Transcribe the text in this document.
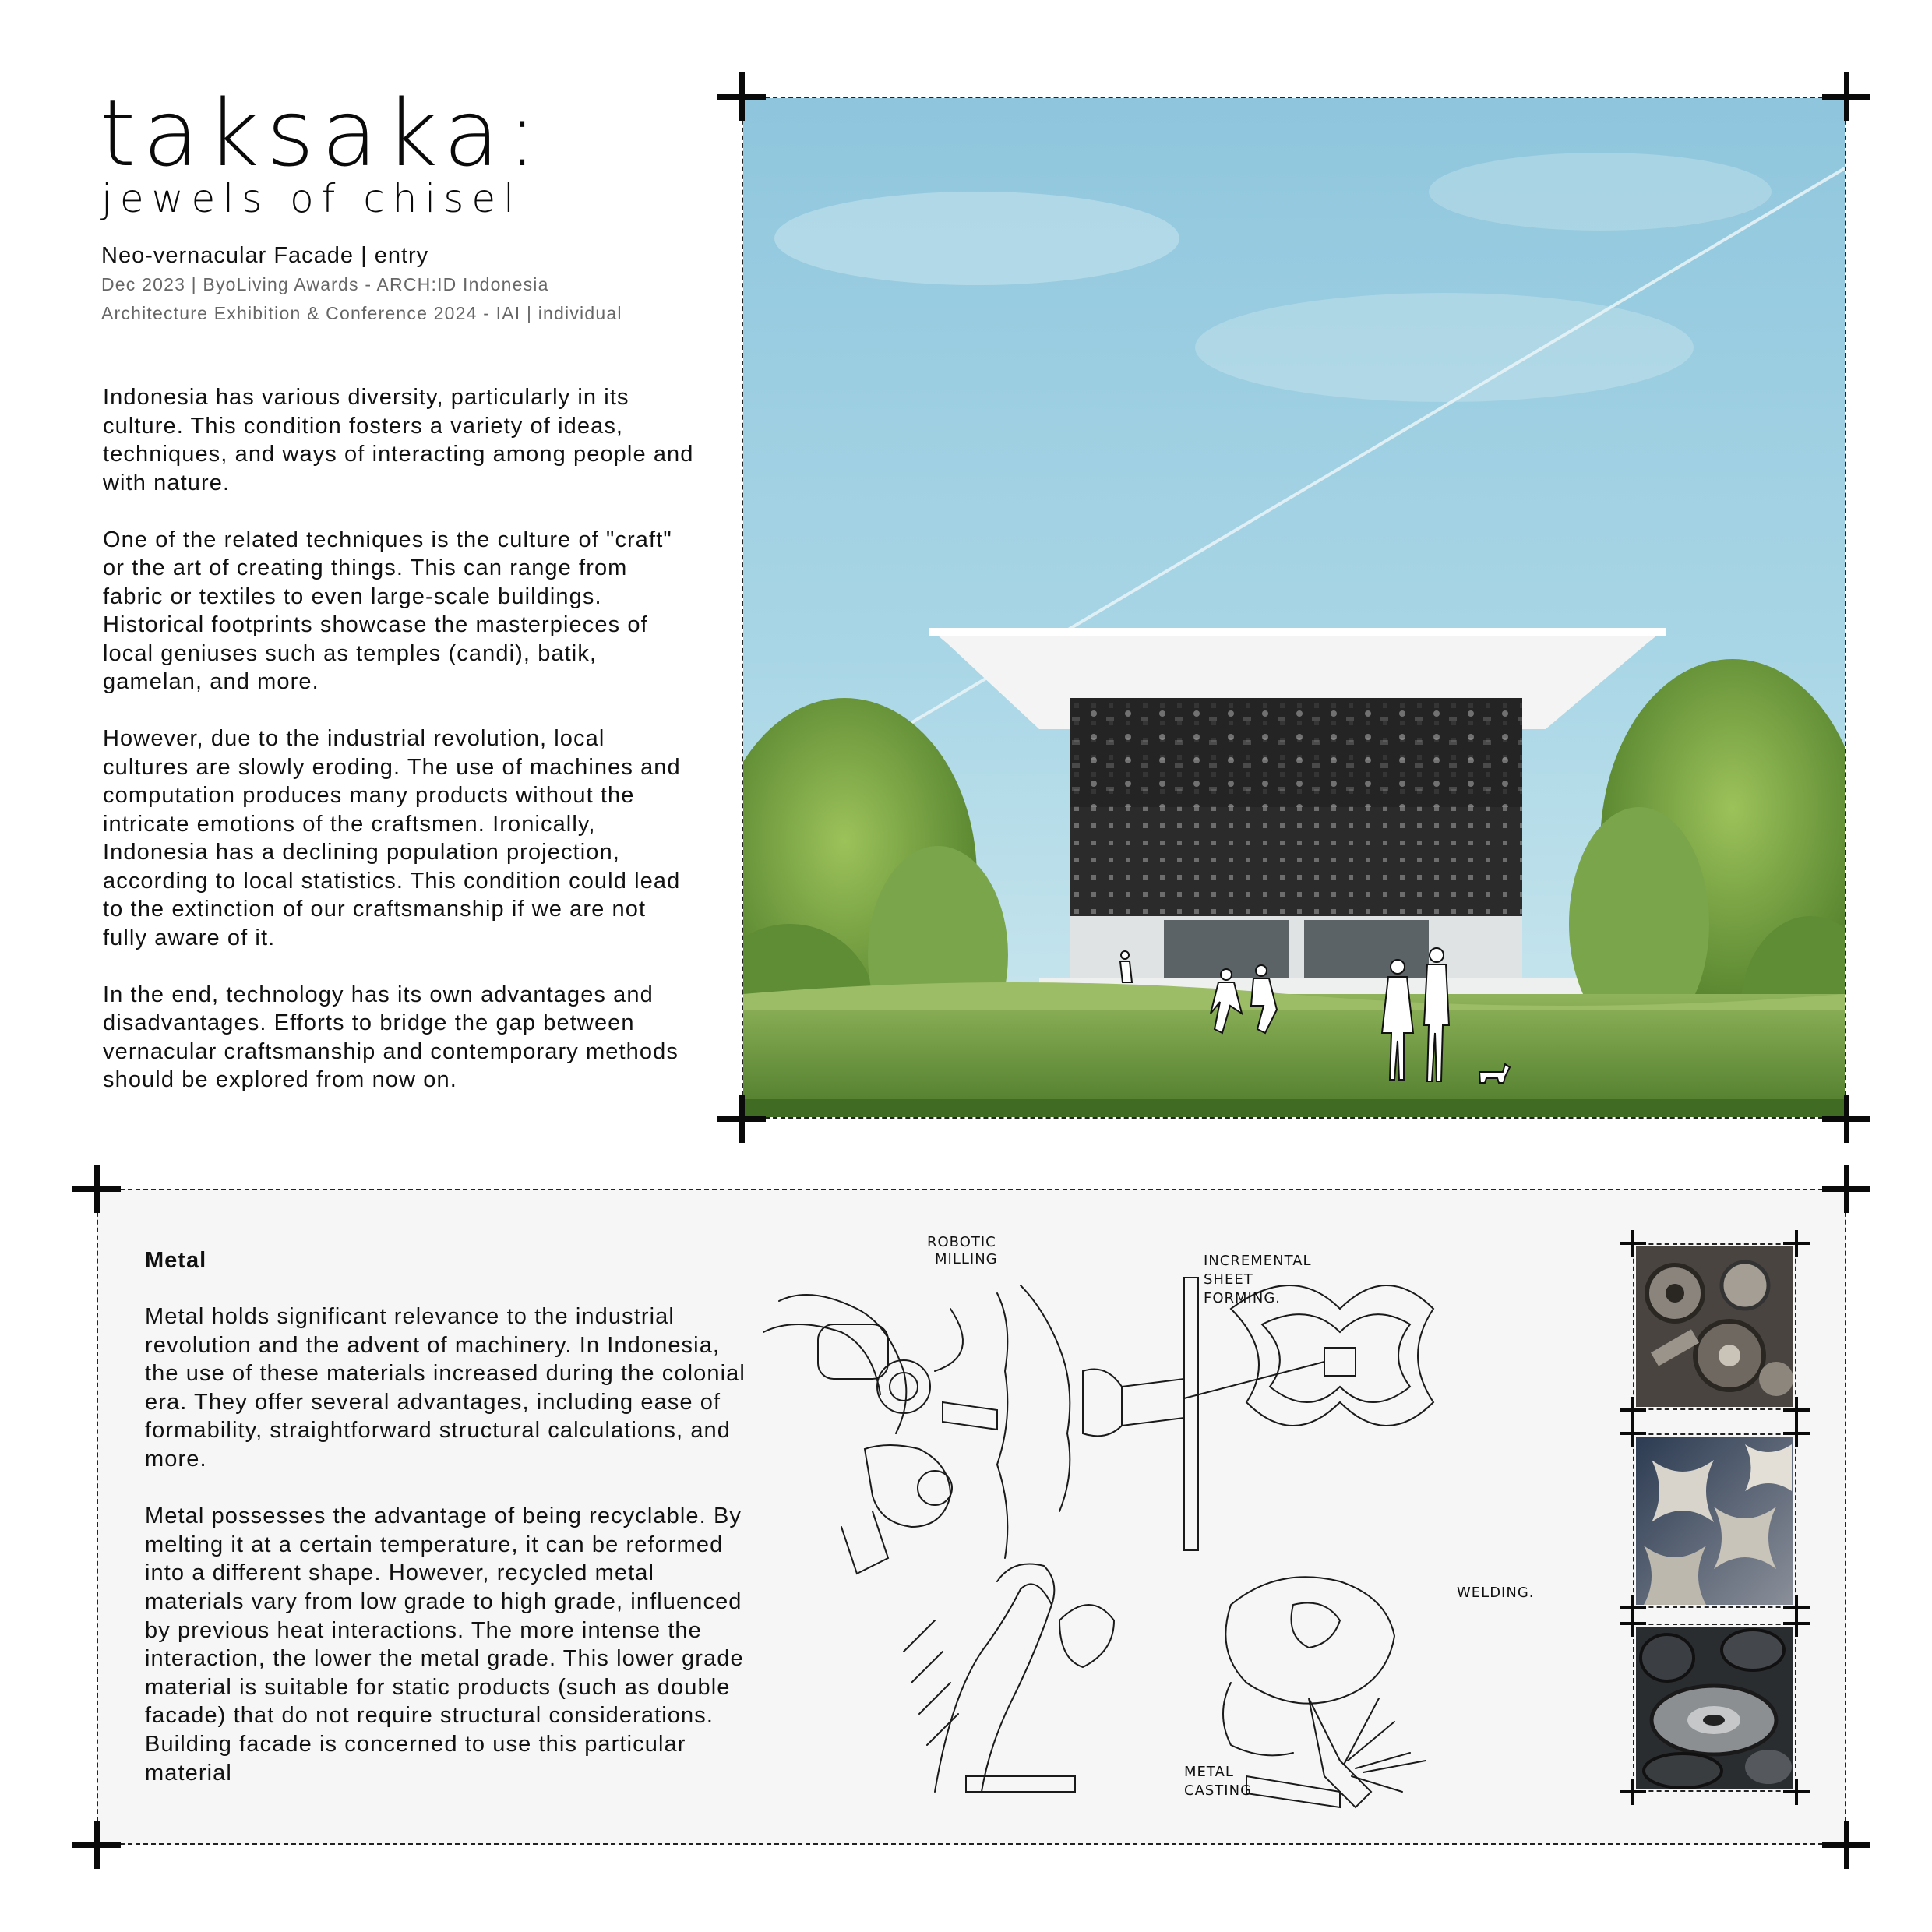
taksaka:
jewels of chisel
Neo-vernacular Facade | entry
Dec 2023 | ByoLiving Awards - ARCH:ID Indonesia
Architecture Exhibition & Conference 2024 - IAI | individual

Indonesia has various diversity, particularly in its culture. This condition fosters a variety of ideas, techniques, and ways of interacting among people and with nature.

One of the related techniques is the culture of "craft" or the art of creating things. This can range from fabric or textiles to even large-scale buildings. Historical footprints showcase the masterpieces of local geniuses such as temples (candi), batik, gamelan, and more.

However, due to the industrial revolution, local cultures are slowly eroding. The use of machines and computation produces many products without the intricate emotions of the craftsmen. Ironically, Indonesia has a declining population projection, according to local statistics. This condition could lead to the extinction of our craftsmanship if we are not fully aware of it.

In the end, technology has its own advantages and disadvantages. Efforts to bridge the gap between vernacular craftsmanship and contemporary methods should be explored from now on.

Metal

Metal holds significant relevance to the industrial revolution and the advent of machinery. In Indonesia, the use of these materials increased during the colonial era. They offer several advantages, including ease of formability, straightforward structural calculations, and more.

Metal possesses the advantage of being recyclable. By melting it at a certain temperature, it can be reformed into a different shape. However, recycled metal materials vary from low grade to high grade, influenced by previous heat interactions. The more intense the interaction, the lower the metal grade. This lower grade material is suitable for static products (such as double facade) that do not require structural considerations. Building facade is concerned to use this particular material

ROBOTIC
MILLING	INCREMENTAL
SHEET
FORMING.
WELDING.
METAL
CASTING
